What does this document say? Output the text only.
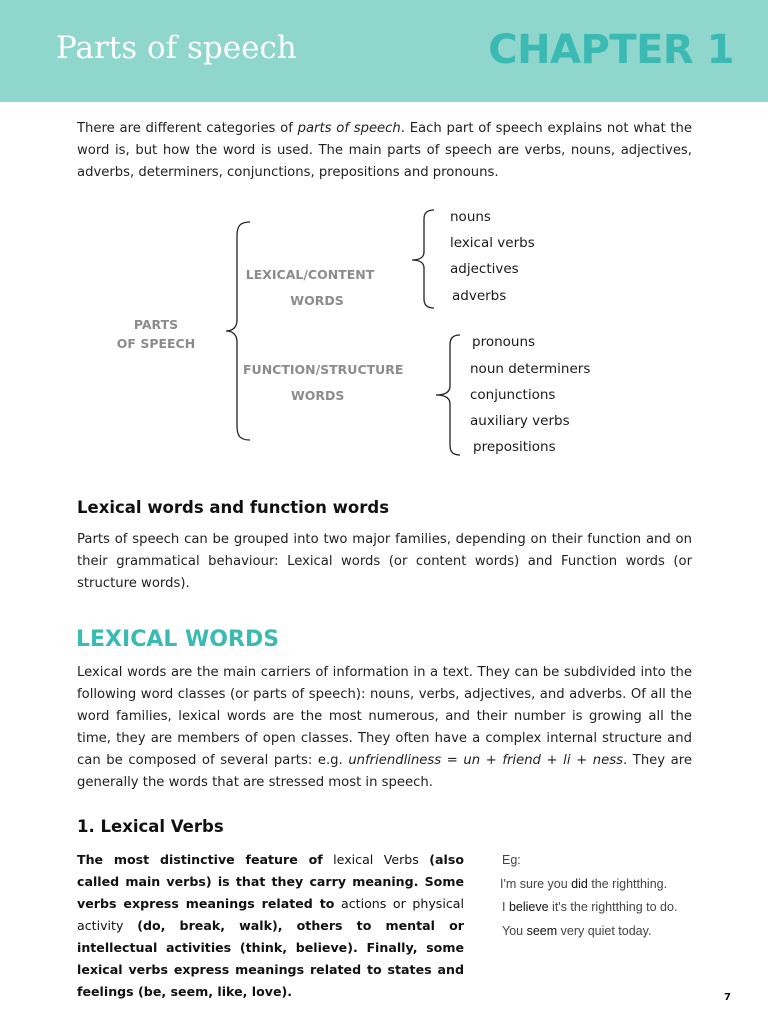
Parts of speech	CHAPTER 1
There are different categories of parts of speech. Each part of speech explains not what the word is, but how the word is used. The main parts of speech are verbs, nouns, adjectives, adverbs, determiners, conjunctions, prepositions and pronouns.
PARTS
OF SPEECH
LEXICAL/CONTENT
WORDS
FUNCTION/STRUCTURE
WORDS
nouns
lexical verbs
adjectives
adverbs
pronouns
noun determiners
conjunctions
auxiliary verbs
prepositions
Lexical words and function words
Parts of speech can be grouped into two major families, depending on their function and on their grammatical behaviour: Lexical words (or content words) and Function words (or structure words).
LEXICAL WORDS
Lexical words are the main carriers of information in a text. They can be subdivided into the following word classes (or parts of speech): nouns, verbs, adjectives, and adverbs. Of all the word families, lexical words are the most numerous, and their number is growing all the time, they are members of open classes. They often have a complex internal structure and can be composed of several parts: e.g. unfriendliness = un + friend + li + ness. They are generally the words that are stressed most in speech.
1. Lexical Verbs
The most distinctive feature of lexical Verbs (also called main verbs) is that they carry meaning. Some verbs express meanings related to actions or physical activity (do, break, walk), others to mental or intellectual activities (think, believe). Finally, some lexical verbs express meanings related to states and feelings (be, seem, like, love).
Eg:
I'm sure you did the rightthing.
I believe it's the rightthing to do.
You seem very quiet today.
7
